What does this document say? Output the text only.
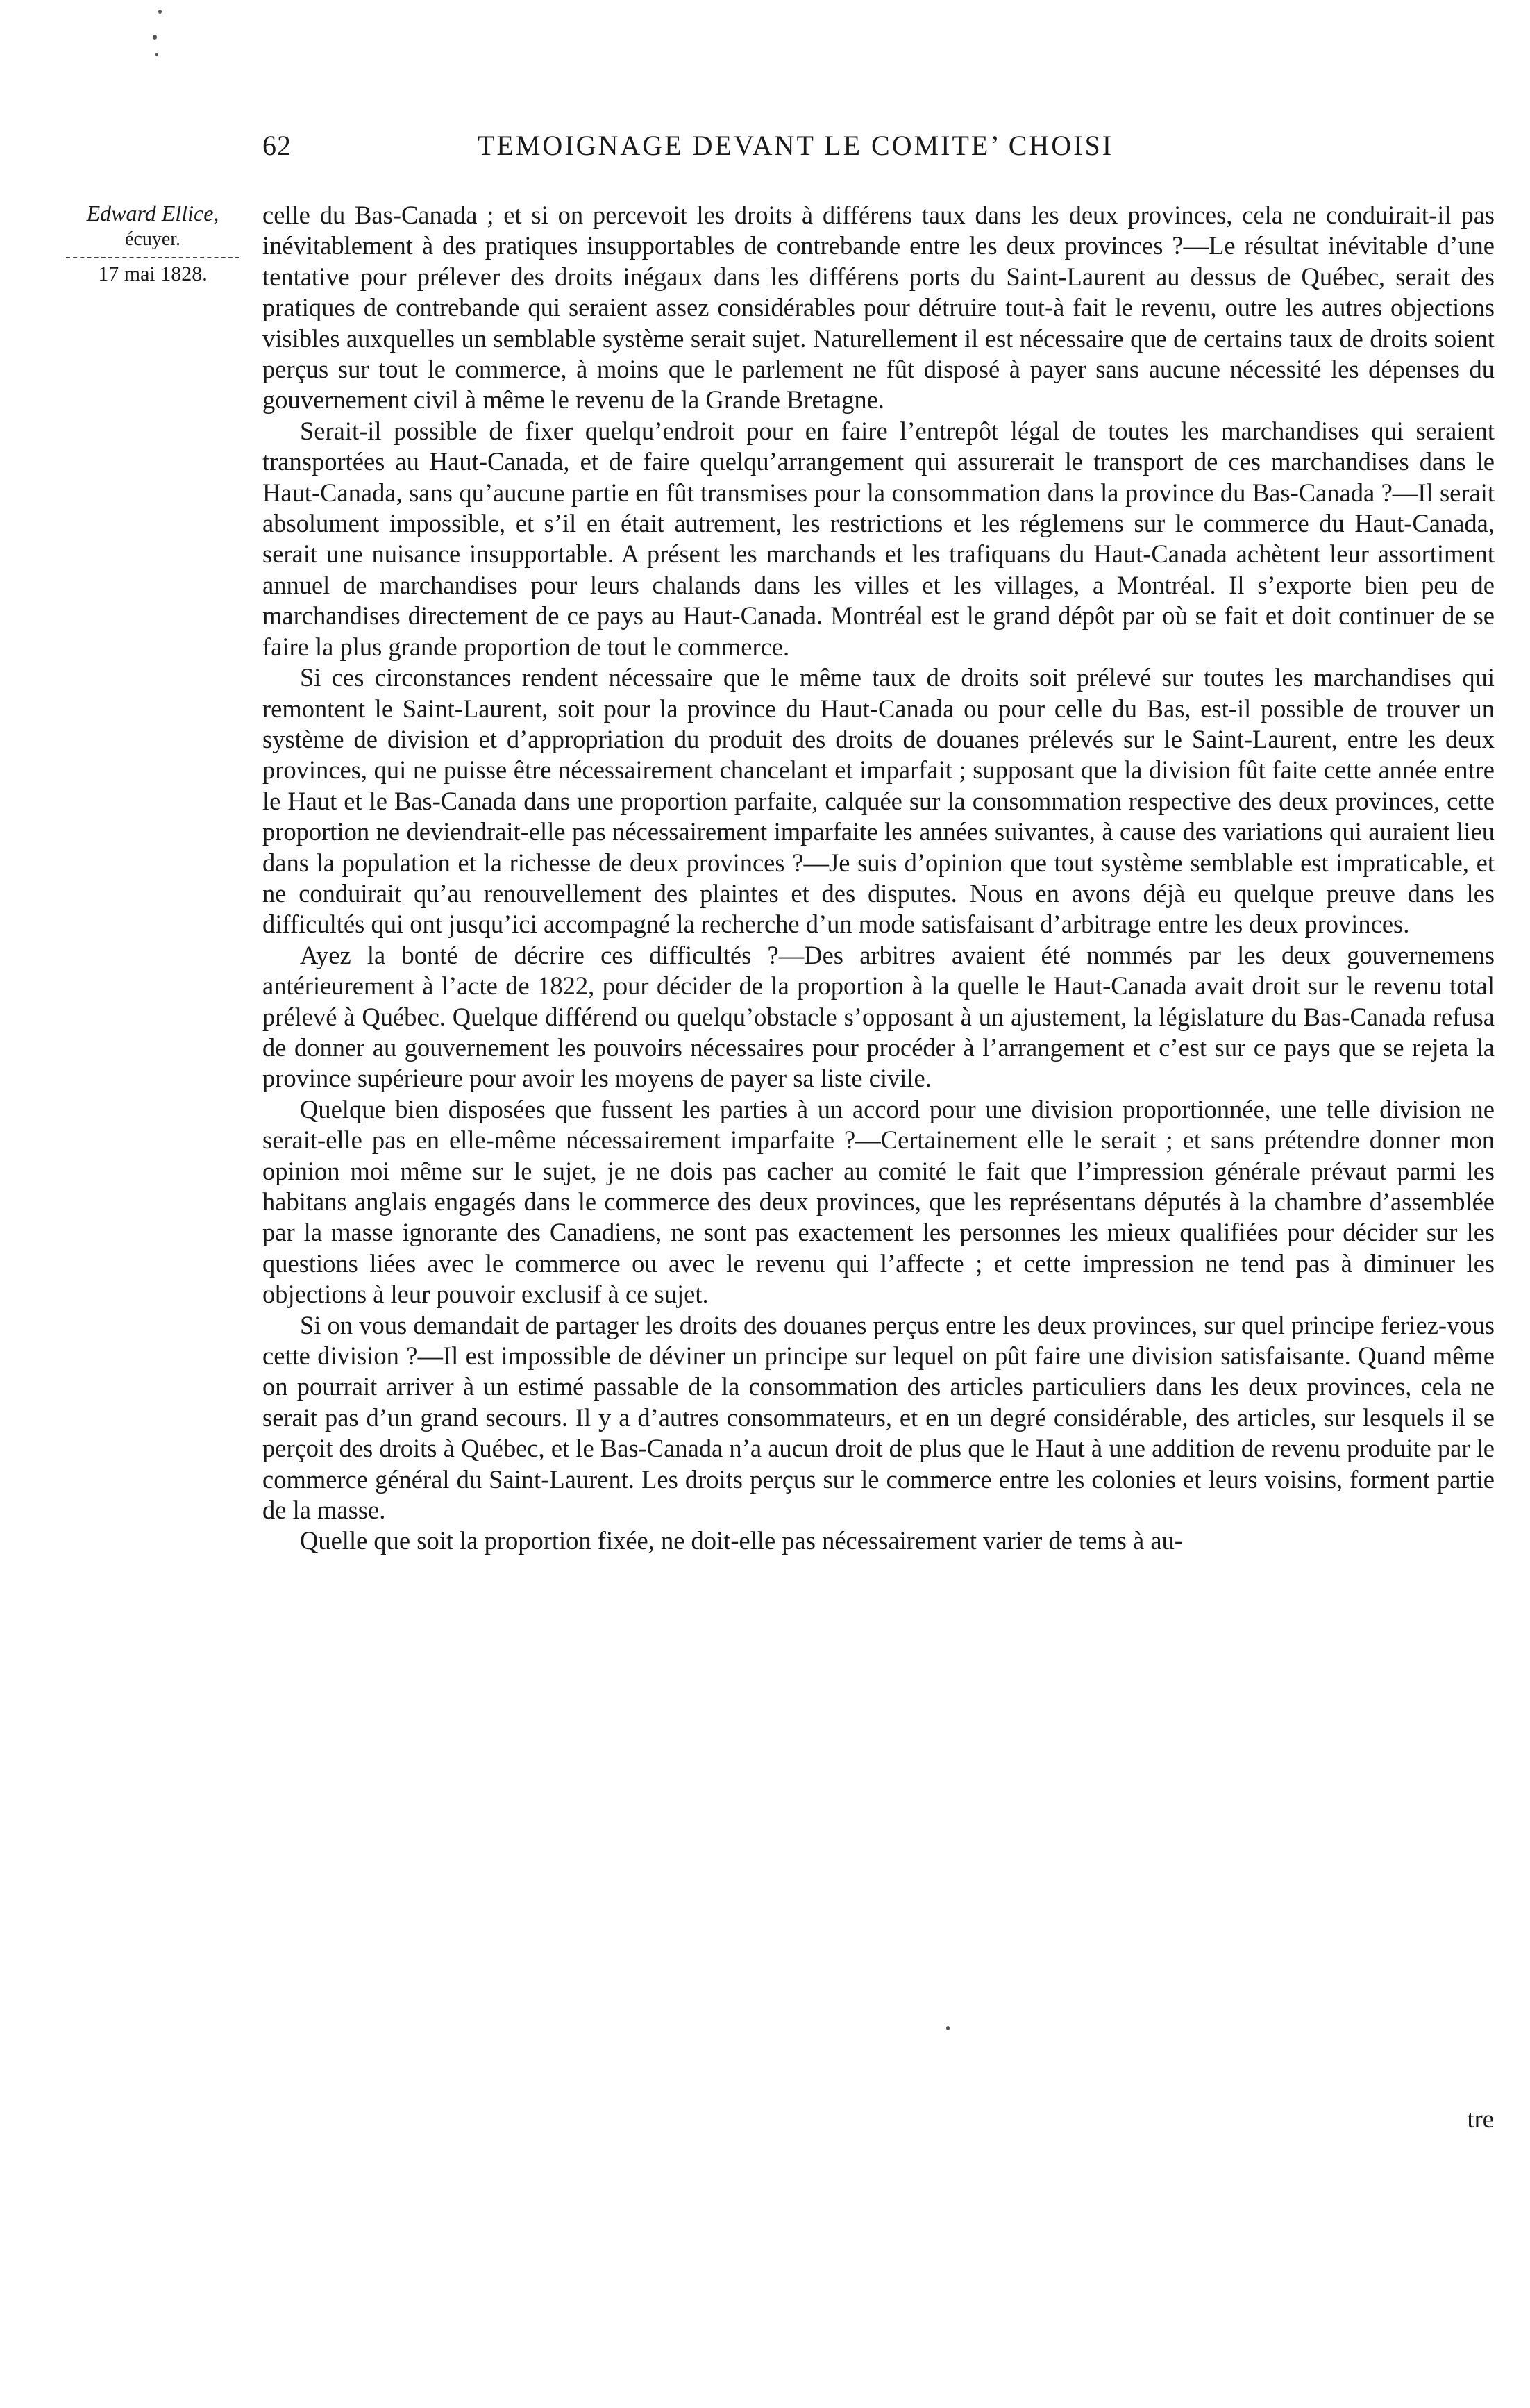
62	TEMOIGNAGE DEVANT LE COMITE’ CHOISI
Edward Ellice,
écuyer.
17 mai 1828.

celle du Bas-Canada ; et si on percevoit les droits à différens taux dans les deux provinces, cela ne conduirait-il pas inévitablement à des pratiques insupportables de contrebande entre les deux provinces ?—Le résultat inévitable d’une tentative pour prélever des droits inégaux dans les différens ports du Saint-Laurent au dessus de Québec, serait des pratiques de contrebande qui seraient assez considérables pour détruire tout-à fait le revenu, outre les autres objections visibles auxquelles un semblable système serait sujet. Naturellement il est nécessaire que de certains taux de droits soient perçus sur tout le commerce, à moins que le parlement ne fût disposé à payer sans aucune nécessité les dépenses du gouvernement civil à même le revenu de la Grande Bretagne.

Serait-il possible de fixer quelqu’endroit pour en faire l’entrepôt légal de toutes les marchandises qui seraient transportées au Haut-Canada, et de faire quelqu’arrangement qui assurerait le transport de ces marchandises dans le Haut-Canada, sans qu’aucune partie en fût transmises pour la consommation dans la province du Bas-Canada ?—Il serait absolument impossible, et s’il en était autrement, les restrictions et les réglemens sur le commerce du Haut-Canada, serait une nuisance insupportable. A présent les marchands et les trafiquans du Haut-Canada achètent leur assortiment annuel de marchandises pour leurs chalands dans les villes et les villages, a Montréal. Il s’exporte bien peu de marchandises directement de ce pays au Haut-Canada. Montréal est le grand dépôt par où se fait et doit continuer de se faire la plus grande proportion de tout le commerce.

Si ces circonstances rendent nécessaire que le même taux de droits soit prélevé sur toutes les marchandises qui remontent le Saint-Laurent, soit pour la province du Haut-Canada ou pour celle du Bas, est-il possible de trouver un système de division et d’appropriation du produit des droits de douanes prélevés sur le Saint-Laurent, entre les deux provinces, qui ne puisse être nécessairement chancelant et imparfait ; supposant que la division fût faite cette année entre le Haut et le Bas-Canada dans une proportion parfaite, calquée sur la consommation respective des deux provinces, cette proportion ne deviendrait-elle pas nécessairement imparfaite les années suivantes, à cause des variations qui auraient lieu dans la population et la richesse de deux provinces ?—Je suis d’opinion que tout système semblable est impraticable, et ne conduirait qu’au renouvellement des plaintes et des disputes. Nous en avons déjà eu quelque preuve dans les difficultés qui ont jusqu’ici accompagné la recherche d’un mode satisfaisant d’arbitrage entre les deux provinces.

Ayez la bonté de décrire ces difficultés ?—Des arbitres avaient été nommés par les deux gouvernemens antérieurement à l’acte de 1822, pour décider de la proportion à la quelle le Haut-Canada avait droit sur le revenu total prélevé à Québec. Quelque différend ou quelqu’obstacle s’opposant à un ajustement, la législature du Bas-Canada refusa de donner au gouvernement les pouvoirs nécessaires pour procéder à l’arrangement et c’est sur ce pays que se rejeta la province supérieure pour avoir les moyens de payer sa liste civile.

Quelque bien disposées que fussent les parties à un accord pour une division proportionnée, une telle division ne serait-elle pas en elle-même nécessairement imparfaite ?—Certainement elle le serait ; et sans prétendre donner mon opinion moi même sur le sujet, je ne dois pas cacher au comité le fait que l’impression générale prévaut parmi les habitans anglais engagés dans le commerce des deux provinces, que les représentans députés à la chambre d’assemblée par la masse ignorante des Canadiens, ne sont pas exactement les personnes les mieux qualifiées pour décider sur les questions liées avec le commerce ou avec le revenu qui l’affecte ; et cette impression ne tend pas à diminuer les objections à leur pouvoir exclusif à ce sujet.

Si on vous demandait de partager les droits des douanes perçus entre les deux provinces, sur quel principe feriez-vous cette division ?—Il est impossible de déviner un principe sur lequel on pût faire une division satisfaisante. Quand même on pourrait arriver à un estimé passable de la consommation des articles particuliers dans les deux provinces, cela ne serait pas d’un grand secours. Il y a d’autres consommateurs, et en un degré considérable, des articles, sur lesquels il se perçoit des droits à Québec, et le Bas-Canada n’a aucun droit de plus que le Haut à une addition de revenu produite par le commerce général du Saint-Laurent. Les droits perçus sur le commerce entre les colonies et leurs voisins, forment partie de la masse.

Quelle que soit la proportion fixée, ne doit-elle pas nécessairement varier de tems à au-

tre
